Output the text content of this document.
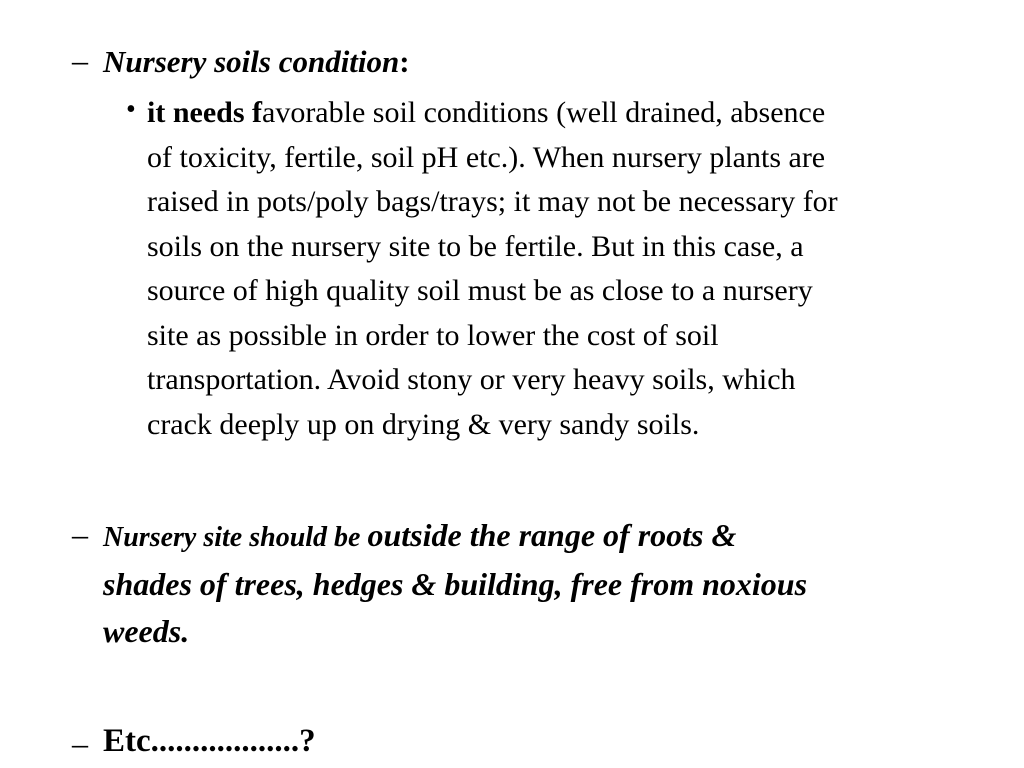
– Nursery soils condition:
• it needs favorable soil conditions (well drained, absence
of toxicity, fertile, soil pH etc.). When nursery plants are
raised in pots/poly bags/trays; it may not be necessary for
soils on the nursery site to be fertile. But in this case, a
source of high quality soil must be as close to a nursery
site as possible in order to lower the cost of soil
transportation. Avoid stony or very heavy soils, which
crack deeply up on drying & very sandy soils.
– Nursery site should be outside the range of roots &
shades of trees, hedges & building, free from noxious
weeds.
– Etc..................?
